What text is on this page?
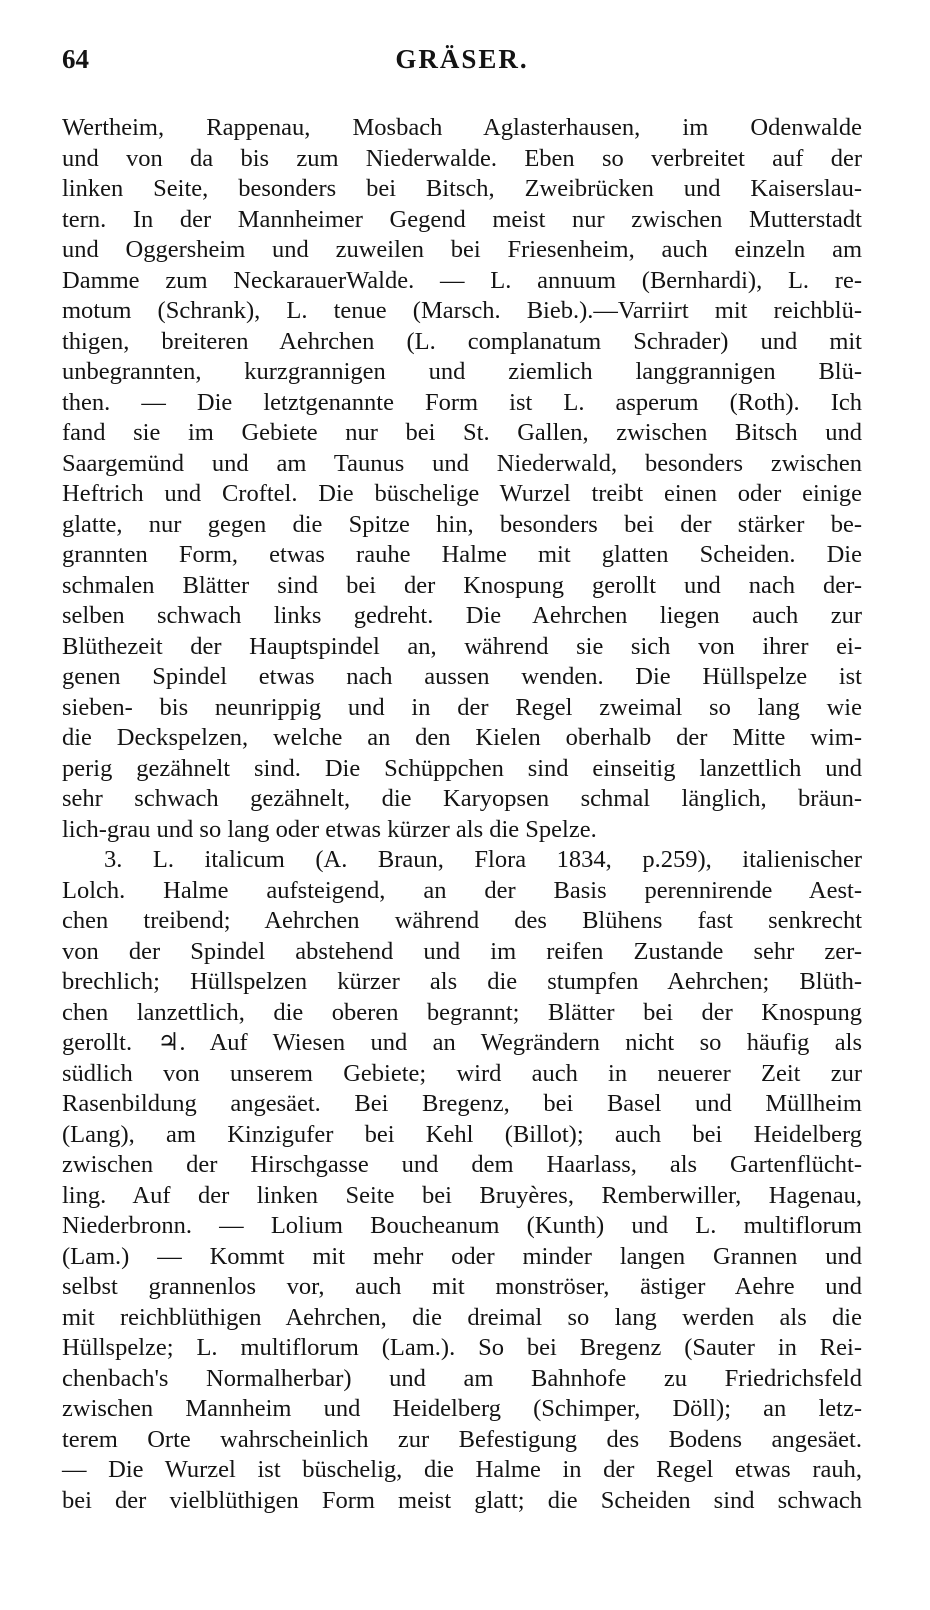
64	GRÄSER.
Wertheim, Rappenau, Mosbach Aglasterhausen, im Odenwalde
und von da bis zum Niederwalde. Eben so verbreitet auf der
linken Seite, besonders bei Bitsch, Zweibrücken und Kaiserslau-
tern. In der Mannheimer Gegend meist nur zwischen Mutterstadt
und Oggersheim und zuweilen bei Friesenheim, auch einzeln am
Damme zum NeckarauerWalde. — L. annuum (Bernhardi), L. re-
motum (Schrank), L. tenue (Marsch. Bieb.).—Varriirt mit reichblü-
thigen, breiteren Aehrchen (L. complanatum Schrader) und mit
unbegrannten, kurzgrannigen und ziemlich langgrannigen Blü-
then. — Die letztgenannte Form ist L. asperum (Roth). Ich
fand sie im Gebiete nur bei St. Gallen, zwischen Bitsch und
Saargemünd und am Taunus und Niederwald, besonders zwischen
Heftrich und Croftel. Die büschelige Wurzel treibt einen oder einige
glatte, nur gegen die Spitze hin, besonders bei der stärker be-
grannten Form, etwas rauhe Halme mit glatten Scheiden. Die
schmalen Blätter sind bei der Knospung gerollt und nach der-
selben schwach links gedreht. Die Aehrchen liegen auch zur
Blüthezeit der Hauptspindel an, während sie sich von ihrer ei-
genen Spindel etwas nach aussen wenden. Die Hüllspelze ist
sieben- bis neunrippig und in der Regel zweimal so lang wie
die Deckspelzen, welche an den Kielen oberhalb der Mitte wim-
perig gezähnelt sind. Die Schüppchen sind einseitig lanzettlich und
sehr schwach gezähnelt, die Karyopsen schmal länglich, bräun-
lich-grau und so lang oder etwas kürzer als die Spelze.
3. L. italicum (A. Braun, Flora 1834, p.259), italienischer
Lolch. Halme aufsteigend, an der Basis perennirende Aest-
chen treibend; Aehrchen während des Blühens fast senkrecht
von der Spindel abstehend und im reifen Zustande sehr zer-
brechlich; Hüllspelzen kürzer als die stumpfen Aehrchen; Blüth-
chen lanzettlich, die oberen begrannt; Blätter bei der Knospung
gerollt. ♃. Auf Wiesen und an Wegrändern nicht so häufig als
südlich von unserem Gebiete; wird auch in neuerer Zeit zur
Rasenbildung angesäet. Bei Bregenz, bei Basel und Müllheim
(Lang), am Kinzigufer bei Kehl (Billot); auch bei Heidelberg
zwischen der Hirschgasse und dem Haarlass, als Gartenflücht-
ling. Auf der linken Seite bei Bruyères, Remberwiller, Hagenau,
Niederbronn. — Lolium Boucheanum (Kunth) und L. multiflorum
(Lam.) — Kommt mit mehr oder minder langen Grannen und
selbst grannenlos vor, auch mit monströser, ästiger Aehre und
mit reichblüthigen Aehrchen, die dreimal so lang werden als die
Hüllspelze; L. multiflorum (Lam.). So bei Bregenz (Sauter in Rei-
chenbach's Normalherbar) und am Bahnhofe zu Friedrichsfeld
zwischen Mannheim und Heidelberg (Schimper, Döll); an letz-
terem Orte wahrscheinlich zur Befestigung des Bodens angesäet.
— Die Wurzel ist büschelig, die Halme in der Regel etwas rauh,
bei der vielblüthigen Form meist glatt; die Scheiden sind schwach
